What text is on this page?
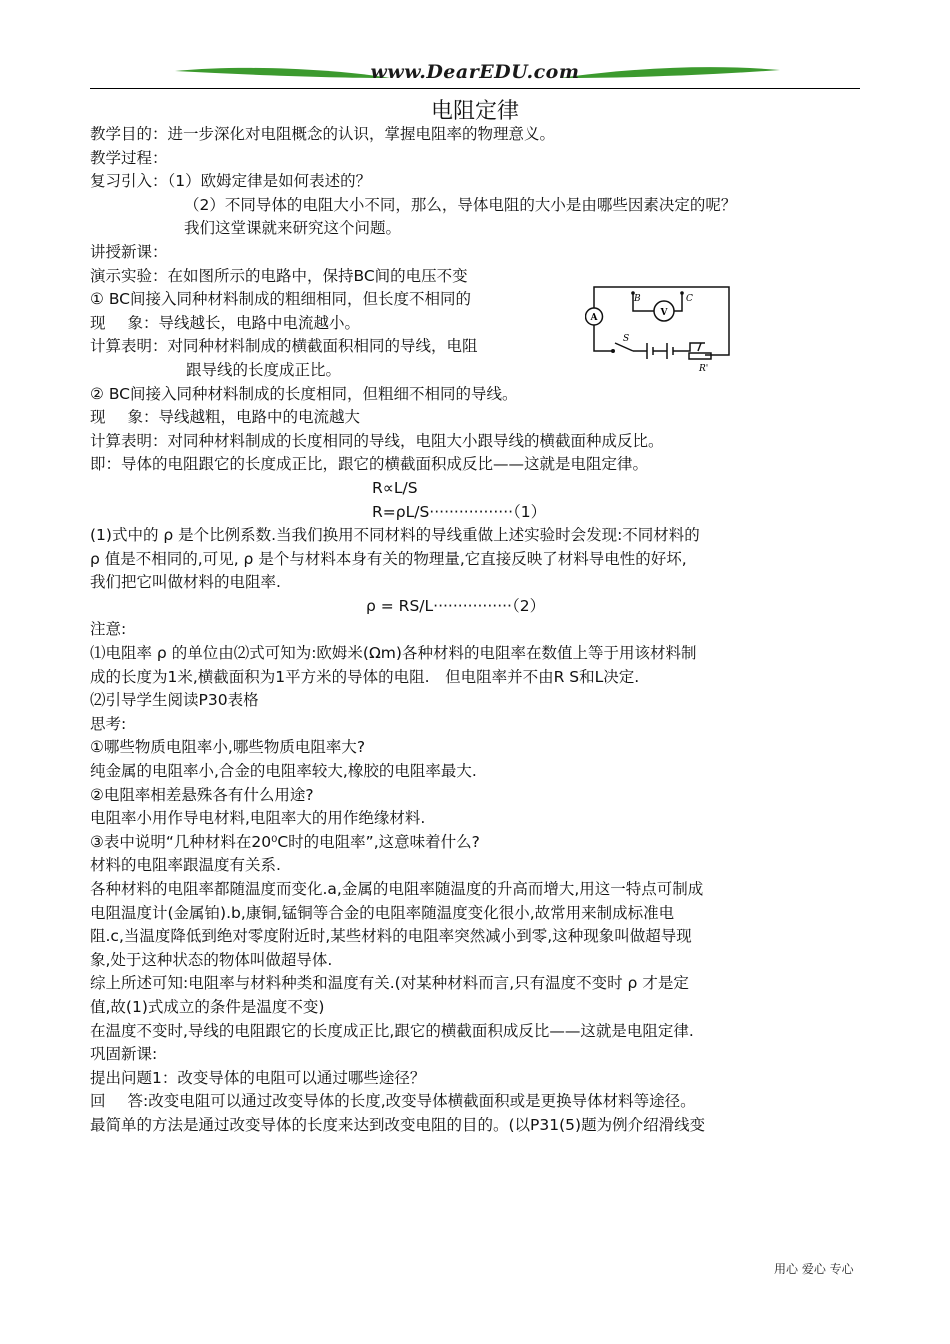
www.DearEDU.com
电阻定律
教学目的：进一步深化对电阻概念的认识，掌握电阻率的物理意义。
教学过程：
复习引入：（1）欧姆定律是如何表述的？
（2）不同导体的电阻大小不同，那么，导体电阻的大小是由哪些因素决定的呢？
我们这堂课就来研究这个问题。
讲授新课：
演示实验：在如图所示的电路中，保持BC间的电压不变
① BC间接入同种材料制成的粗细相同，但长度不相同的
现 象：导线越长，电路中电流越小。
计算表明：对同种材料制成的横截面积相同的导线，电阻
跟导线的长度成正比。
② BC间接入同种材料制成的长度相同，但粗细不相同的导线。
现 象：导线越粗，电路中的电流越大
计算表明：对同种材料制成的长度相同的导线，电阻大小跟导线的横截面种成反比。
即：导体的电阻跟它的长度成正比，跟它的横截面积成反比——这就是电阻定律。
R∝L/S
R=ρL/S·················（1）
(1)式中的 ρ 是个比例系数.当我们换用不同材料的导线重做上述实验时会发现:不同材料的
ρ 值是不相同的,可见, ρ 是个与材料本身有关的物理量,它直接反映了材料导电性的好坏,
我们把它叫做材料的电阻率.
ρ = RS/L················（2）
注意:
⑴电阻率 ρ 的单位由⑵式可知为:欧姆米(Ωm)各种材料的电阻率在数值上等于用该材料制
成的长度为1米,横截面积为1平方米的导体的电阻.　但电阻率并不由R S和L决定.
⑵引导学生阅读P30表格
思考:
①哪些物质电阻率小,哪些物质电阻率大?
纯金属的电阻率小,合金的电阻率较大,橡胶的电阻率最大.
②电阻率相差悬殊各有什么用途?
电阻率小用作导电材料,电阻率大的用作绝缘材料.
③表中说明“几种材料在20⁰C时的电阻率”,这意味着什么?
材料的电阻率跟温度有关系.
各种材料的电阻率都随温度而变化.a,金属的电阻率随温度的升高而增大,用这一特点可制成
电阻温度计(金属铂).b,康铜,锰铜等合金的电阻率随温度变化很小,故常用来制成标准电
阻.c,当温度降低到绝对零度附近时,某些材料的电阻率突然减小到零,这种现象叫做超导现
象,处于这种状态的物体叫做超导体.
综上所述可知:电阻率与材料种类和温度有关.(对某种材料而言,只有温度不变时 ρ 才是定
值,故(1)式成立的条件是温度不变)
在温度不变时,导线的电阻跟它的长度成正比,跟它的横截面积成反比——这就是电阻定律.
巩固新课:
提出问题1：改变导体的电阻可以通过哪些途径？
回 答:改变电阻可以通过改变导体的长度,改变导体横截面积或是更换导体材料等途径。
最简单的方法是通过改变导体的长度来达到改变电阻的目的。(以P31(5)题为例介绍滑线变
A	V
B	C
S
R'
用心 爱心 专心
